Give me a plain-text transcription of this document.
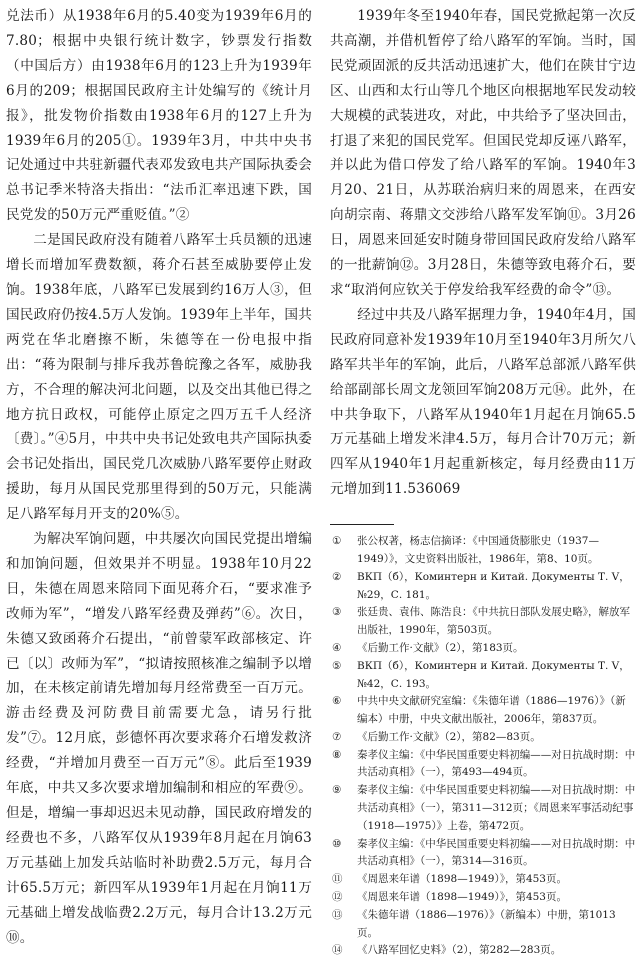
兑法币）从1938年6月的5.40变为1939年6月的7.80；根据中央银行统计数字，钞票发行指数（中国后方）由1938年6月的123上升为1939年6月的209；根据国民政府主计处编写的《统计月报》，批发物价指数由1938年6月的127上升为1939年6月的205①。1939年3月，中共中央书记处通过中共驻新疆代表邓发致电共产国际执委会总书记季米特洛夫指出：“法币汇率迅速下跌，国民党发的50万元严重贬值。”②

二是国民政府没有随着八路军士兵员额的迅速增长而增加军费数额，蒋介石甚至威胁要停止发饷。1938年底，八路军已发展到约16万人③，但国民政府仍按4.5万人发饷。1939年上半年，国共两党在华北磨擦不断，朱德等在一份电报中指出：“蒋为限制与排斥我苏鲁皖豫之各军，威胁我方，不合理的解决河北问题，以及交出其他已得之地方抗日政权，可能停止原定之四万五千人经济〔费〕。”④5月，中共中央书记处致电共产国际执委会书记处指出，国民党几次威胁八路军要停止财政援助，每月从国民党那里得到的50万元，只能满足八路军每月开支的20%⑤。

为解决军饷问题，中共屡次向国民党提出增编和加饷问题，但效果并不明显。1938年10月22日，朱德在周恩来陪同下面见蒋介石，“要求准予改师为军”，“增发八路军经费及弹药”⑥。次日，朱德又致函蒋介石提出，“前曾蒙军政部核定、许已〔以〕改师为军”，“拟请按照核准之编制予以增加，在未核定前请先增加每月经常费至一百万元。游击经费及河防费目前需要尤急，请另行批发”⑦。12月底，彭德怀再次要求蒋介石增发救济经费，“并增加月费至一百万元”⑧。此后至1939年底，中共又多次要求增加编制和相应的军费⑨。但是，增编一事却迟迟未见动静，国民政府增发的经费也不多，八路军仅从1939年8月起在月饷63万元基础上加发兵站临时补助费2.5万元，每月合计65.5万元；新四军从1939年1月起在月饷11万元基础上增发战临费2.2万元，每月合计13.2万元⑩。

1939年冬至1940年春，国民党掀起第一次反共高潮，并借机暂停了给八路军的军饷。当时，国民党顽固派的反共活动迅速扩大，他们在陕甘宁边区、山西和太行山等几个地区向根据地军民发动较大规模的武装进攻，对此，中共给予了坚决回击，打退了来犯的国民党军。但国民党却反诬八路军，并以此为借口停发了给八路军的军饷。1940年3月20、21日，从苏联治病归来的周恩来，在西安向胡宗南、蒋鼎文交涉给八路军发军饷⑪。3月26日，周恩来回延安时随身带回国民政府发给八路军的一批薪饷⑫。3月28日，朱德等致电蒋介石，要求“取消何应钦关于停发给我军经费的命令”⑬。

经过中共及八路军据理力争，1940年4月，国民政府同意补发1939年10月至1940年3月所欠八路军共半年的军饷，此后，八路军总部派八路军供给部副部长周文龙领回军饷208万元⑭。此外，在中共争取下，八路军从1940年1月起在月饷65.5万元基础上增发米津4.5万，每月合计70万元；新四军从1940年1月起重新核定，每月经费由11万元增加到11.536069

① 张公权著，杨志信摘译：《中国通货膨胀史（1937—1949）》，文史资料出版社，1986年，第8、10页。

② ВКП（б），Коминтерн и Китай. Документы Т. V，№29，С. 181。

③ 张廷贵、袁伟、陈浩良：《中共抗日部队发展史略》，解放军出版社，1990年，第503页。

④ 《后勤工作·文献》（2），第183页。

⑤ ВКП（б），Коминтерн и Китай. Документы Т. V，№42，С. 193。

⑥ 中共中央文献研究室编：《朱德年谱（1886—1976）》（新编本）中册，中央文献出版社，2006年，第837页。

⑦ 《后勤工作·文献》（2），第82—83页。

⑧ 秦孝仪主编：《中华民国重要史料初编——对日抗战时期：中共活动真相》（一），第493—494页。

⑨ 秦孝仪主编：《中华民国重要史料初编——对日抗战时期：中共活动真相》（一），第311—312页；《周恩来军事活动纪事（1918—1975）》上卷，第472页。

⑩ 秦孝仪主编：《中华民国重要史料初编——对日抗战时期：中共活动真相》（一），第314—316页。

⑪ 《周恩来年谱（1898—1949）》，第453页。

⑫ 《周恩来年谱（1898—1949）》，第453页。

⑬ 《朱德年谱（1886—1976）》（新编本）中册，第1013页。

⑭ 《八路军回忆史料》（2），第282—283页。
